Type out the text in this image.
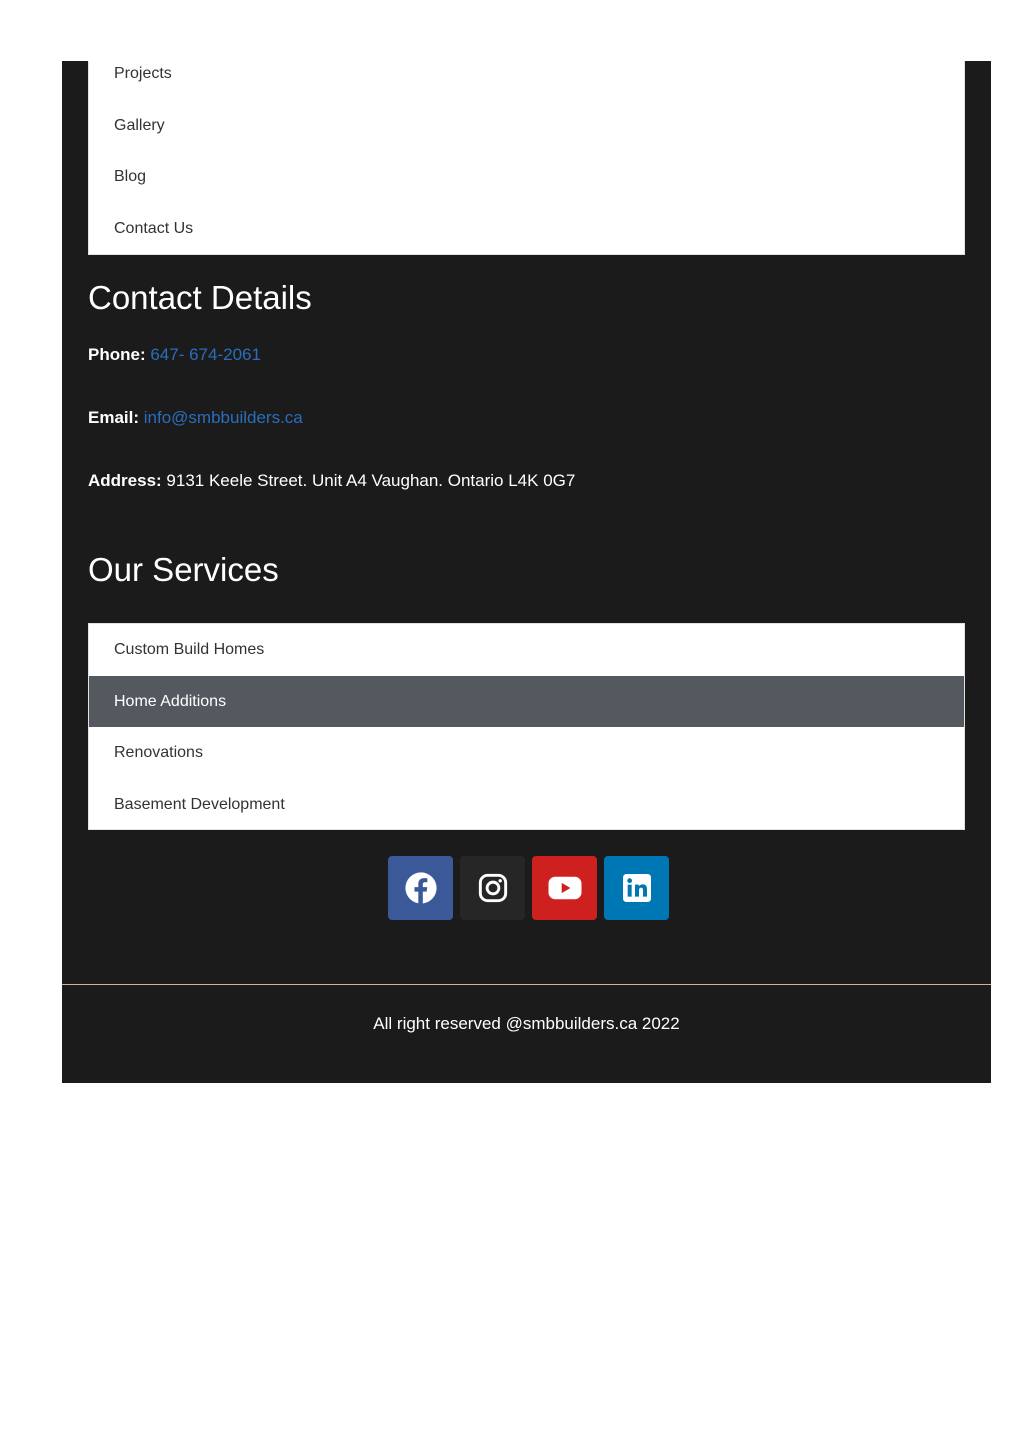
Projects
Gallery
Blog
Contact Us
Contact Details

Phone: 647- 674-2061

Email: info@smbbuilders.ca

Address: 9131 Keele Street. Unit A4 Vaughan. Ontario L4K 0G7

Our Services
Custom Build Homes
Home Additions
Renovations
Basement Development
All right reserved @smbbuilders.ca 2022
